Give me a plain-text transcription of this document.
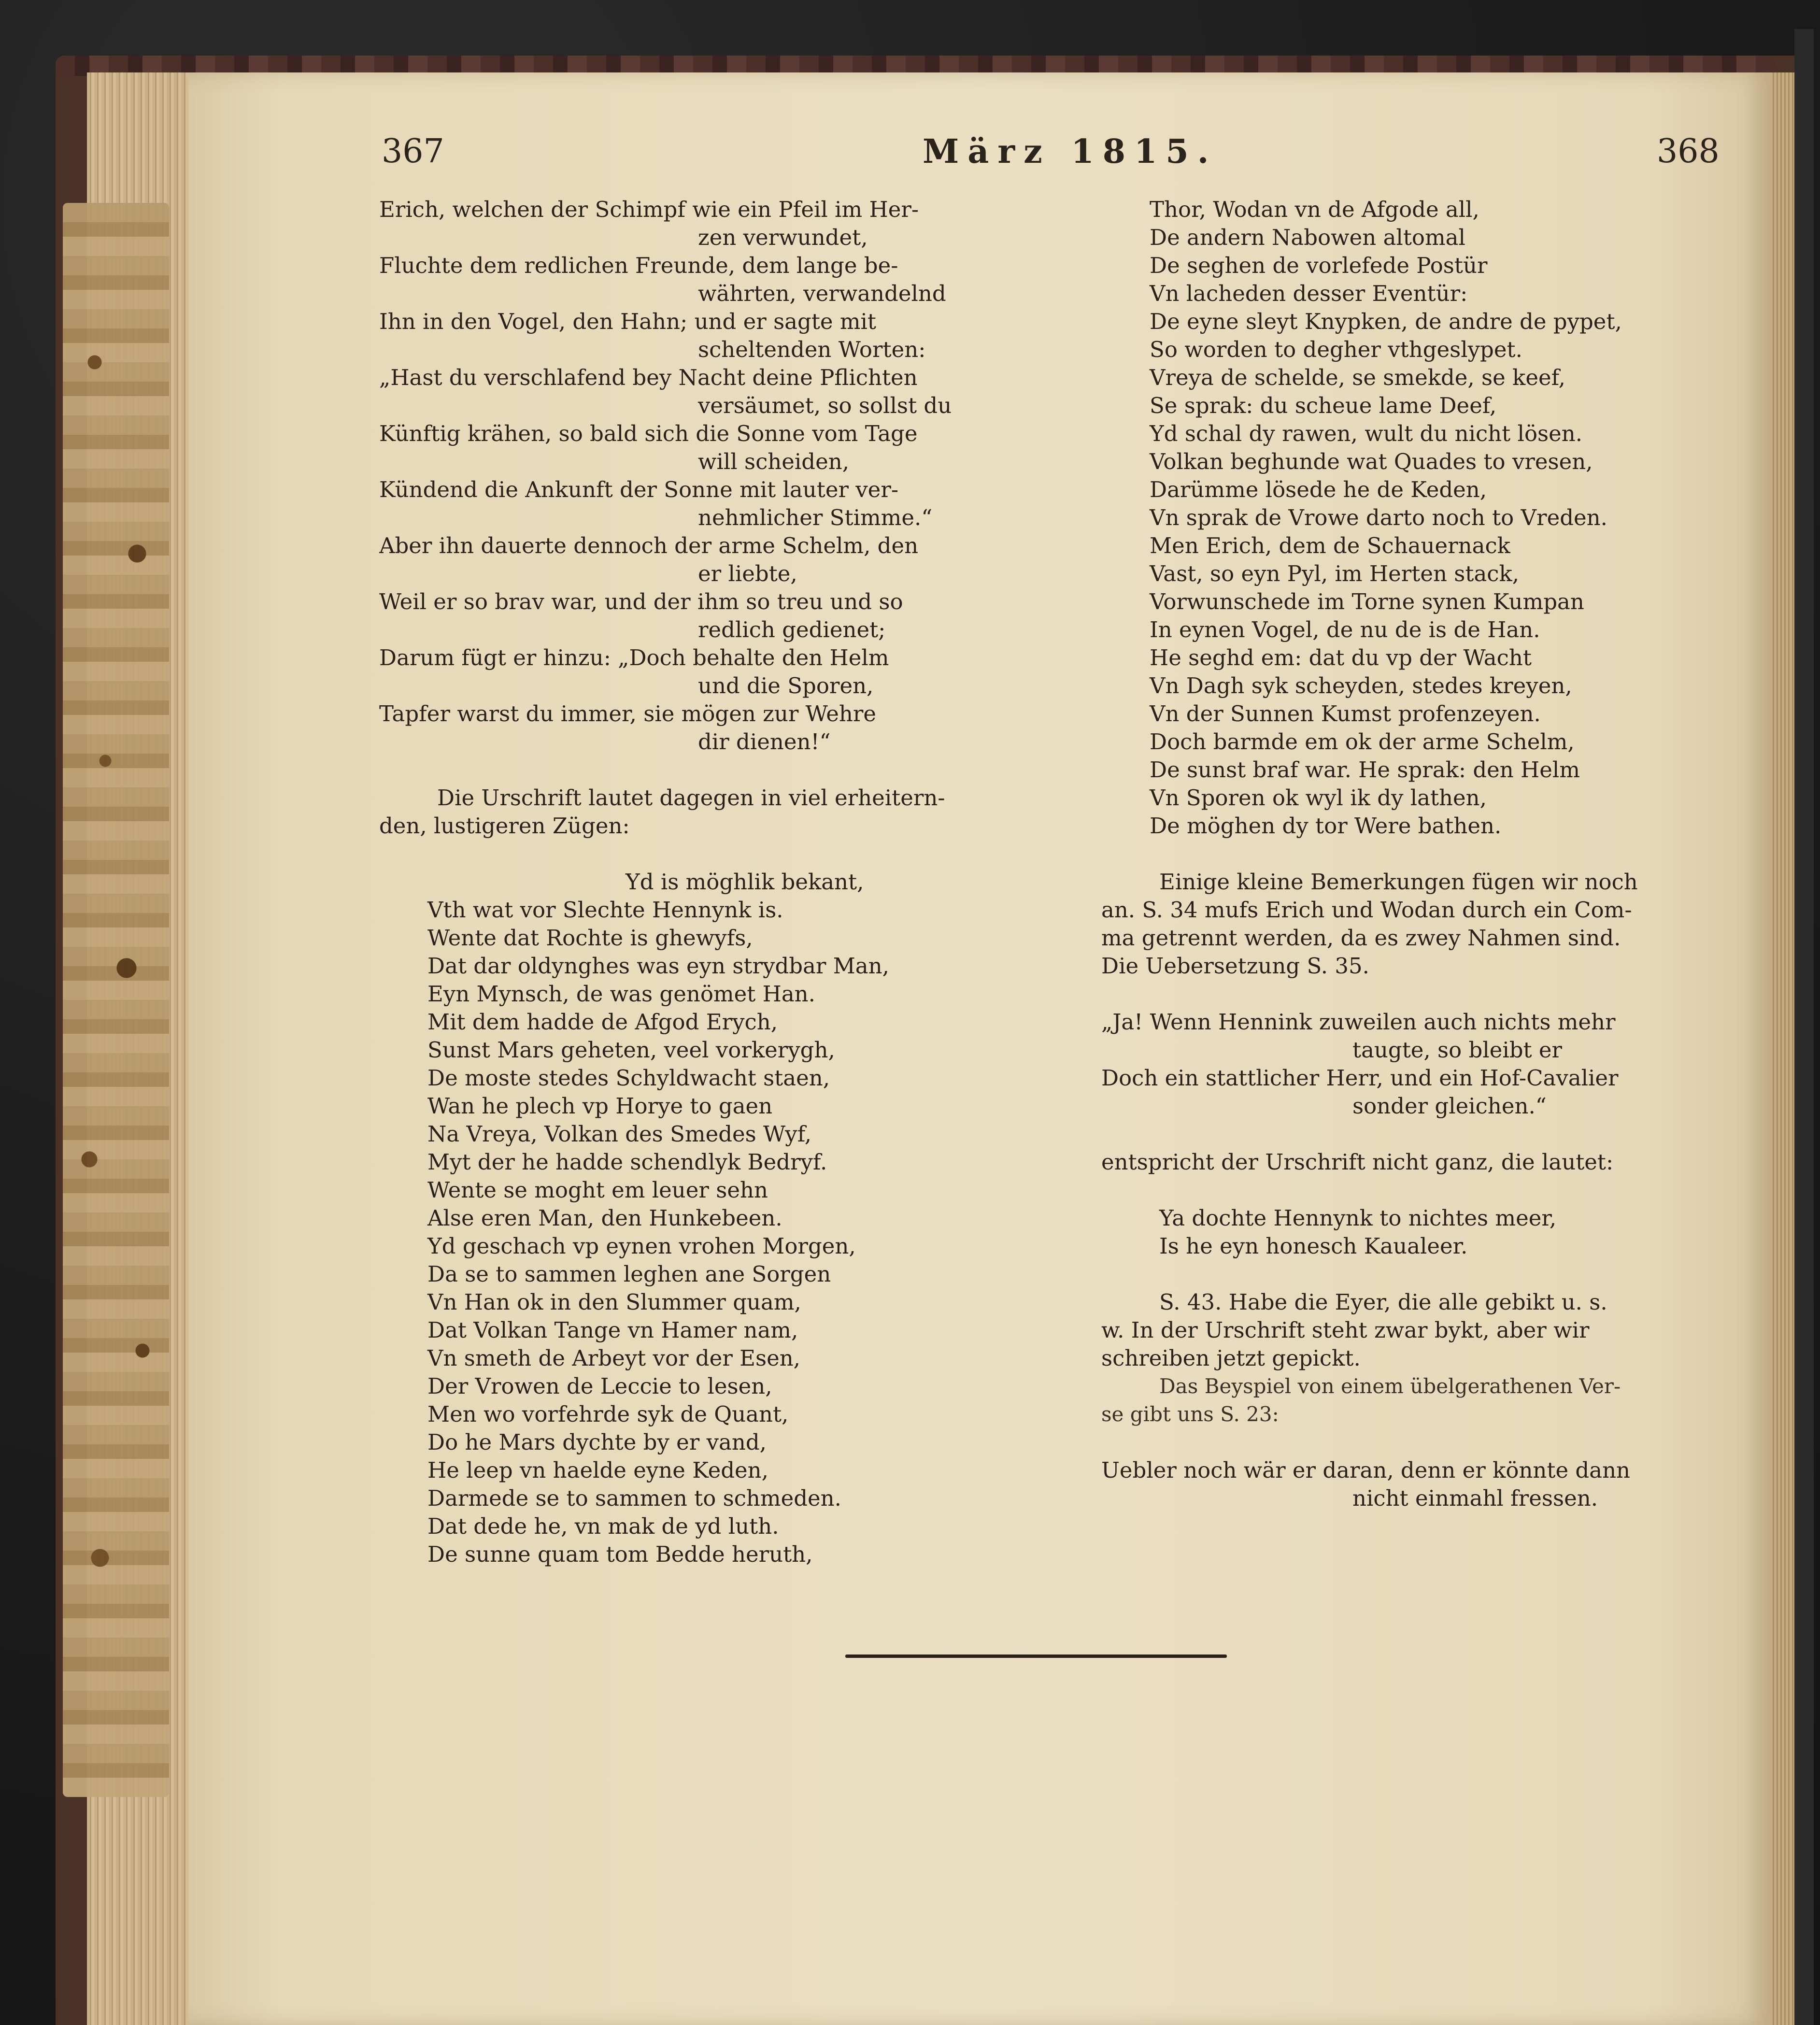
367	März 1815.	368
Erich, welchen der Schimpf wie ein Pfeil im Her-
zen verwundet,
Fluchte dem redlichen Freunde, dem lange be-
währten, verwandelnd
Ihn in den Vogel, den Hahn; und er sagte mit
scheltenden Worten:
„Hast du verschlafend bey Nacht deine Pflichten
versäumet, so sollst du
Künftig krähen, so bald sich die Sonne vom Tage
will scheiden,
Kündend die Ankunft der Sonne mit lauter ver-
nehmlicher Stimme.“
Aber ihn dauerte dennoch der arme Schelm, den
er liebte,
Weil er so brav war, und der ihm so treu und so
redlich gedienet;
Darum fügt er hinzu: „Doch behalte den Helm
und die Sporen,
Tapfer warst du immer, sie mögen zur Wehre
dir dienen!“
Die Urschrift lautet dagegen in viel erheitern-
den, lustigeren Zügen:
Yd is möghlik bekant,
Vth wat vor Slechte Hennynk is.
Wente dat Rochte is ghewyfs,
Dat dar oldynghes was eyn strydbar Man,
Eyn Mynsch, de was genömet Han.
Mit dem hadde de Afgod Erych,
Sunst Mars geheten, veel vorkerygh,
De moste stedes Schyldwacht staen,
Wan he plech vp Horye to gaen
Na Vreya, Volkan des Smedes Wyf,
Myt der he hadde schendlyk Bedryf.
Wente se moght em leuer sehn
Alse eren Man, den Hunkebeen.
Yd geschach vp eynen vrohen Morgen,
Da se to sammen leghen ane Sorgen
Vn Han ok in den Slummer quam,
Dat Volkan Tange vn Hamer nam,
Vn smeth de Arbeyt vor der Esen,
Der Vrowen de Leccie to lesen,
Men wo vorfehrde syk de Quant,
Do he Mars dychte by er vand,
He leep vn haelde eyne Keden,
Darmede se to sammen to schmeden.
Dat dede he, vn mak de yd luth.
De sunne quam tom Bedde heruth,
Thor, Wodan vn de Afgode all,
De andern Nabowen altomal
De seghen de vorlefede Postür
Vn lacheden desser Eventür:
De eyne sleyt Knypken, de andre de pypet,
So worden to degher vthgeslypet.
Vreya de schelde, se smekde, se keef,
Se sprak: du scheue lame Deef,
Yd schal dy rawen, wult du nicht lösen.
Volkan beghunde wat Quades to vresen,
Darümme lösede he de Keden,
Vn sprak de Vrowe darto noch to Vreden.
Men Erich, dem de Schauernack
Vast, so eyn Pyl, im Herten stack,
Vorwunschede im Torne synen Kumpan
In eynen Vogel, de nu de is de Han.
He seghd em: dat du vp der Wacht
Vn Dagh syk scheyden, stedes kreyen,
Vn der Sunnen Kumst profenzeyen.
Doch barmde em ok der arme Schelm,
De sunst braf war. He sprak: den Helm
Vn Sporen ok wyl ik dy lathen,
De möghen dy tor Were bathen.
Einige kleine Bemerkungen fügen wir noch
an. S. 34 mufs Erich und Wodan durch ein Com-
ma getrennt werden, da es zwey Nahmen sind.
Die Uebersetzung S. 35.
„Ja! Wenn Hennink zuweilen auch nichts mehr
taugte, so bleibt er
Doch ein stattlicher Herr, und ein Hof-Cavalier
sonder gleichen.“
entspricht der Urschrift nicht ganz, die lautet:
Ya dochte Hennynk to nichtes meer,
Is he eyn honesch Kaualeer.
S. 43. Habe die Eyer, die alle gebikt u. s.
w. In der Urschrift steht zwar bykt, aber wir
schreiben jetzt gepickt.
Das Beyspiel von einem übelgerathenen Ver-
se gibt uns S. 23:
Uebler noch wär er daran, denn er könnte dann
nicht einmahl fressen.
